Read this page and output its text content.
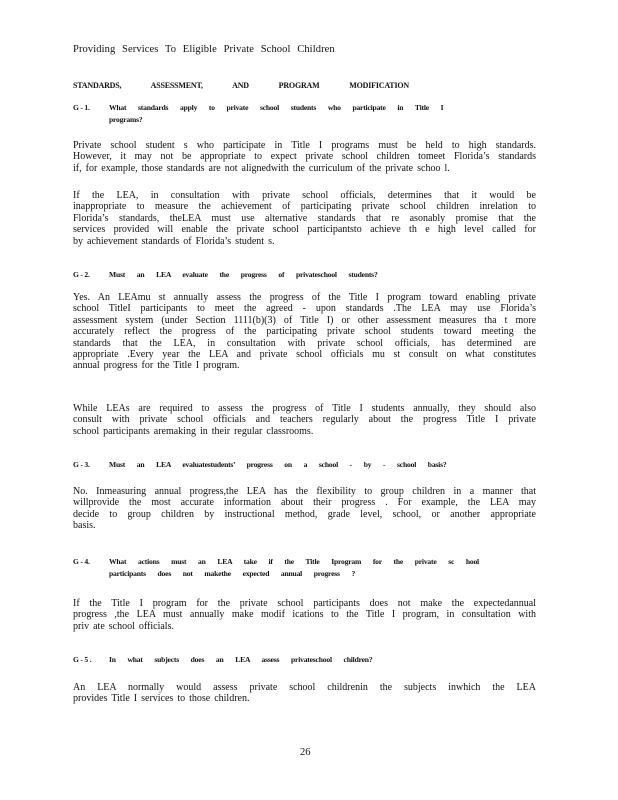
Providing Services To Eligible Private School Children
STANDARDS, ASSESSMENT, AND PROGRAM MODIFICATION
G - 1.	What standards apply to private school students who participate in Title I
programs?
Private school student s who participate in Title I programs must be held to high standards.
However, it may not be appropriate to expect private school children tomeet Florida’s standards
if, for example, those standards are not alignedwith the curriculum of the private schoo l.
If the LEA, in consultation with private school officials, determines that it would be
inappropriate to measure the achievement of participating private school children inrelation to
Florida’s standards, theLEA must use alternative standards that re asonably promise that the
services provided will enable the private school participantsto achieve th e high level called for
by achievement standards of Florida’s student s.
G - 2.	Must an LEA evaluate the progress of privateschool students?
Yes. An LEAmu st annually assess the progress of the Title I program toward enabling private
school TitleI participants to meet the agreed - upon standards .The LEA may use Florida’s
assessment system (under Section 1111(b)(3) of Title I) or other assessment measures tha t more
accurately reflect the progress of the participating private school students toward meeting the
standards that the LEA, in consultation with private school officials, has determined are
appropriate .Every year the LEA and private school officials mu st consult on what constitutes
annual progress for the Title I program.
While LEAs are required to assess the progress of Title I students annually, they should also
consult with private school officials and teachers regularly about the progress Title I private
school participants aremaking in their regular classrooms.
G - 3.	Must an LEA evaluatestudents’ progress on a school - by - school basis?
No. Inmeasuring annual progress,the LEA has the flexibility to group children in a manner that
willprovide the most accurate information about their progress . For example, the LEA may
decide to group children by instructional method, grade level, school, or another appropriate
basis.
G - 4.	What actions must an LEA take if the Title Iprogram for the private sc hool
participants does not makethe expected annual progress ?
If the Title I program for the private school participants does not make the expectedannual
progress ,the LEA must annually make modif ications to the Title I program, in consultation with
priv ate school officials.
G - 5 . In what subjects does an LEA assess privateschool children?
An LEA normally would assess private school childrenin the subjects inwhich the LEA
provides Title I services to those children.
26
